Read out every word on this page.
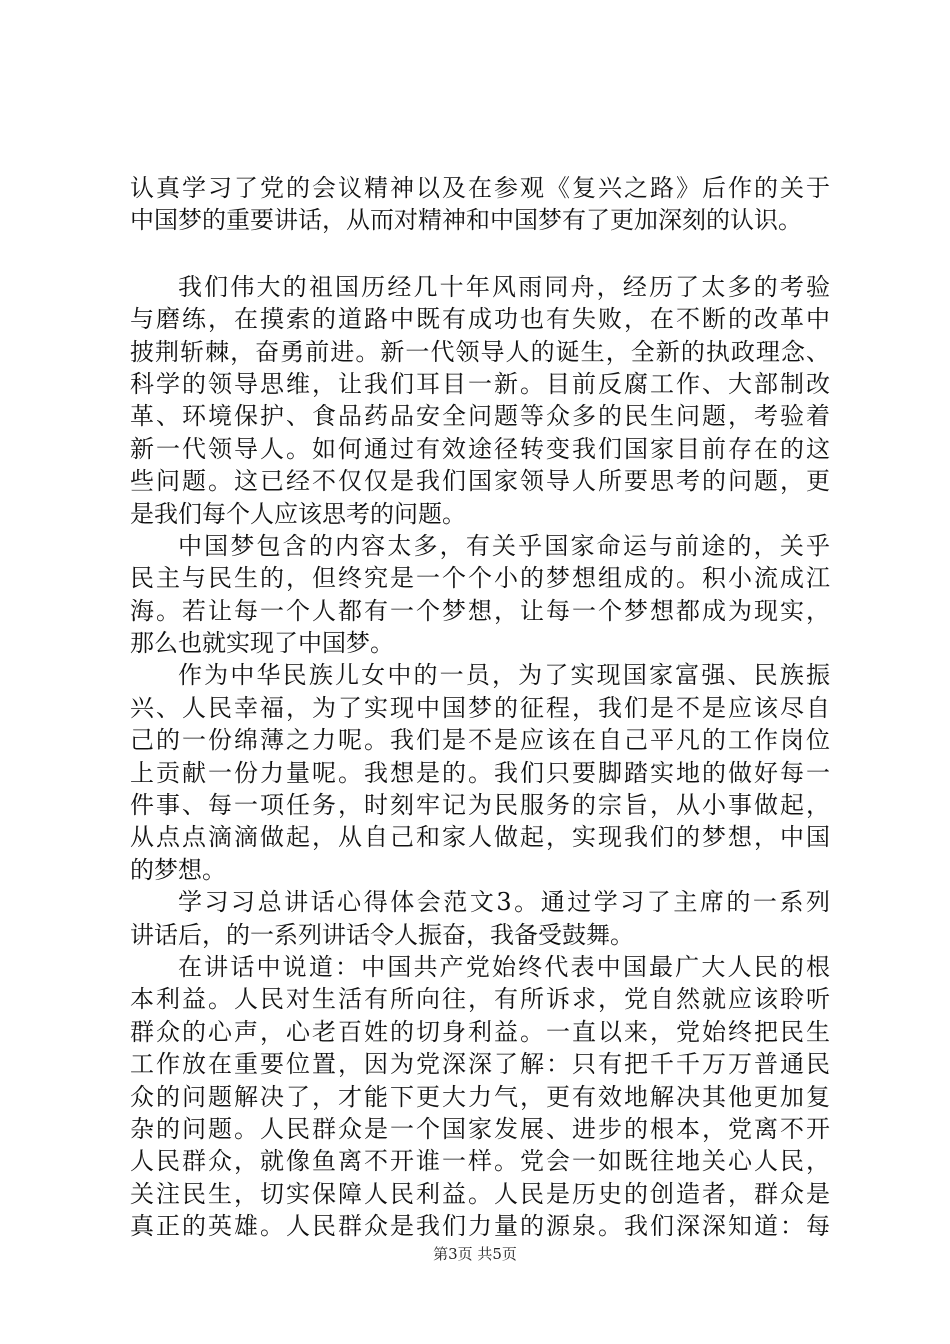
认真学习了党的会议精神以及在参观《复兴之路》后作的关于
中国梦的重要讲话，从而对精神和中国梦有了更加深刻的认识。
我们伟大的祖国历经几十年风雨同舟，经历了太多的考验
与磨练，在摸索的道路中既有成功也有失败，在不断的改革中
披荆斩棘，奋勇前进。新一代领导人的诞生，全新的执政理念、
科学的领导思维，让我们耳目一新。目前反腐工作、大部制改
革、环境保护、食品药品安全问题等众多的民生问题，考验着
新一代领导人。如何通过有效途径转变我们国家目前存在的这
些问题。这已经不仅仅是我们国家领导人所要思考的问题，更
是我们每个人应该思考的问题。
中国梦包含的内容太多，有关乎国家命运与前途的，关乎
民主与民生的，但终究是一个个小的梦想组成的。积小流成江
海。若让每一个人都有一个梦想，让每一个梦想都成为现实，
那么也就实现了中国梦。
作为中华民族儿女中的一员，为了实现国家富强、民族振
兴、人民幸福，为了实现中国梦的征程，我们是不是应该尽自
己的一份绵薄之力呢。我们是不是应该在自己平凡的工作岗位
上贡献一份力量呢。我想是的。我们只要脚踏实地的做好每一
件事、每一项任务，时刻牢记为民服务的宗旨，从小事做起，
从点点滴滴做起，从自己和家人做起，实现我们的梦想，中国
的梦想。
学习习总讲话心得体会范文3。通过学习了主席的一系列
讲话后，的一系列讲话令人振奋，我备受鼓舞。
在讲话中说道：中国共产党始终代表中国最广大人民的根
本利益。人民对生活有所向往，有所诉求，党自然就应该聆听
群众的心声，心老百姓的切身利益。一直以来，党始终把民生
工作放在重要位置，因为党深深了解：只有把千千万万普通民
众的问题解决了，才能下更大力气，更有效地解决其他更加复
杂的问题。人民群众是一个国家发展、进步的根本，党离不开
人民群众，就像鱼离不开谁一样。党会一如既往地关心人民，
关注民生，切实保障人民利益。人民是历史的创造者，群众是
真正的英雄。人民群众是我们力量的源泉。我们深深知道：每
第3页 共5页
